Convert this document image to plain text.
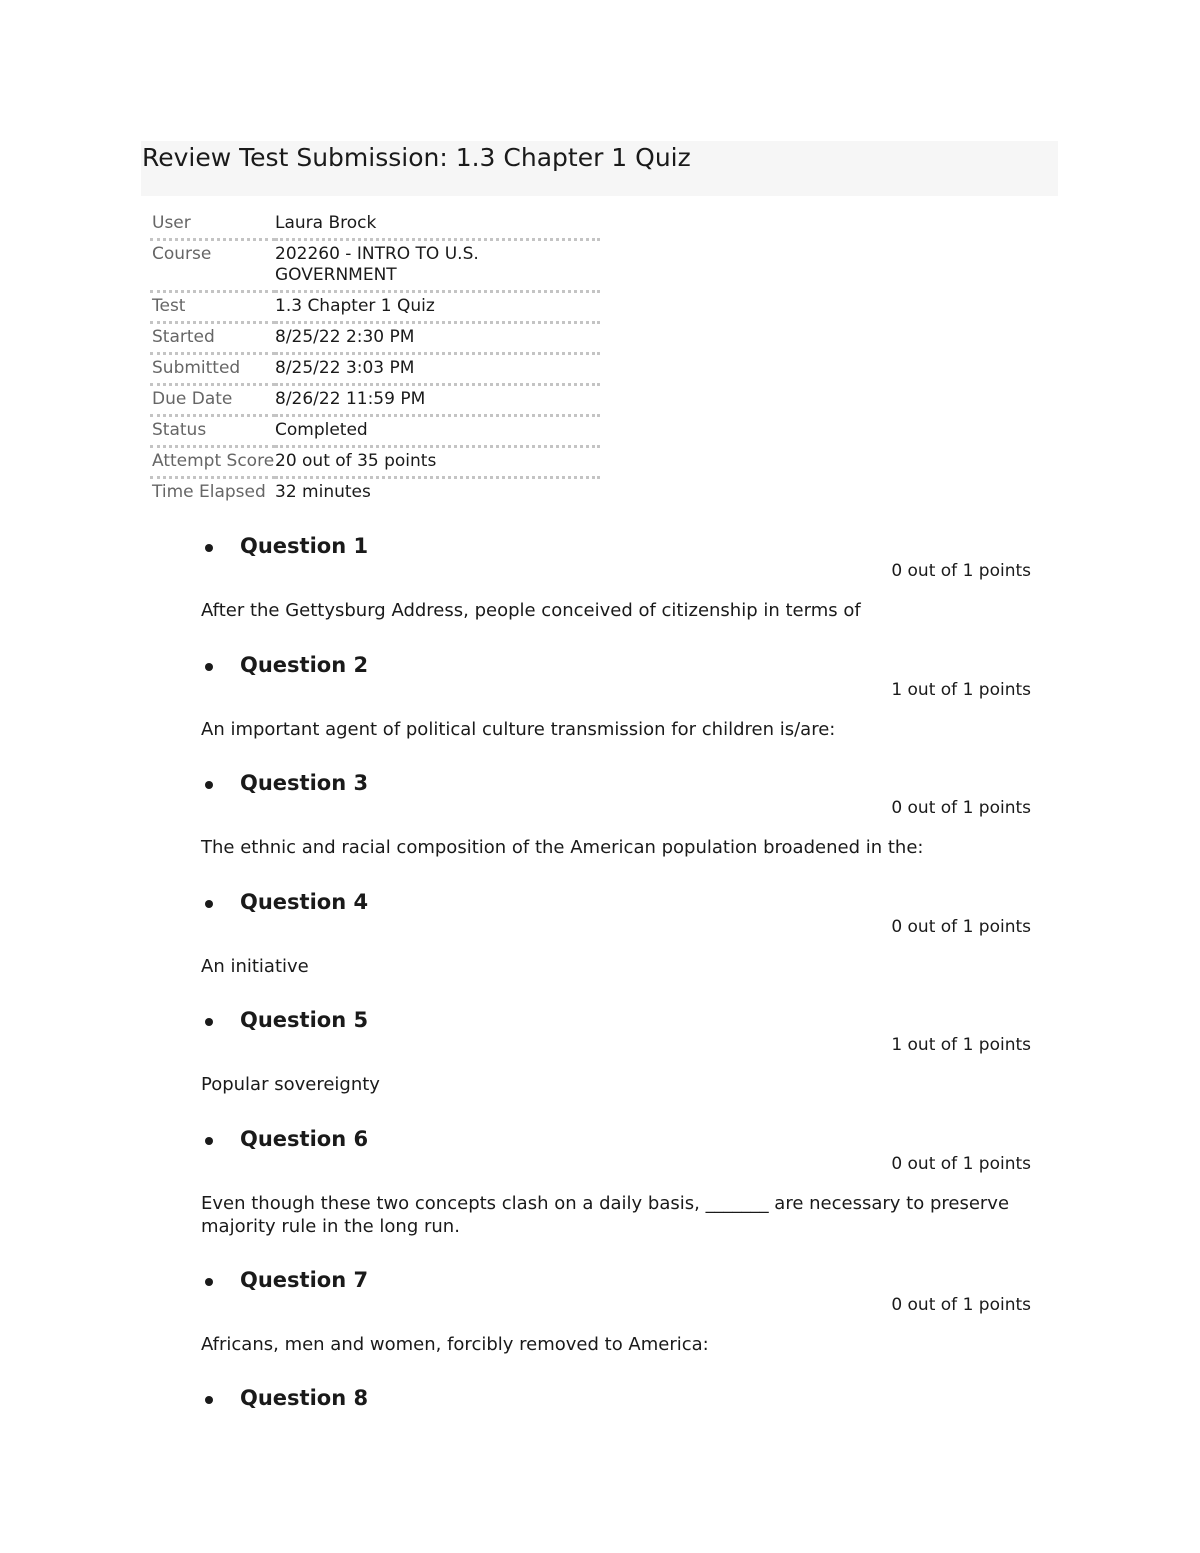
Review Test Submission: 1.3 Chapter 1 Quiz
User	Laura Brock
Course	202260 - INTRO TO U.S. GOVERNMENT
Test	1.3 Chapter 1 Quiz
Started	8/25/22 2:30 PM
Submitted	8/25/22 3:03 PM
Due Date	8/26/22 11:59 PM
Status	Completed
Attempt Score	20 out of 35 points
Time Elapsed	32 minutes
Question 1
0 out of 1 points
After the Gettysburg Address, people conceived of citizenship in terms of
Question 2
1 out of 1 points
An important agent of political culture transmission for children is/are:
Question 3
0 out of 1 points
The ethnic and racial composition of the American population broadened in the:
Question 4
0 out of 1 points
An initiative
Question 5
1 out of 1 points
Popular sovereignty
Question 6
0 out of 1 points
Even though these two concepts clash on a daily basis, _______ are necessary to preserve majority rule in the long run.
Question 7
0 out of 1 points
Africans, men and women, forcibly removed to America:
Question 8
